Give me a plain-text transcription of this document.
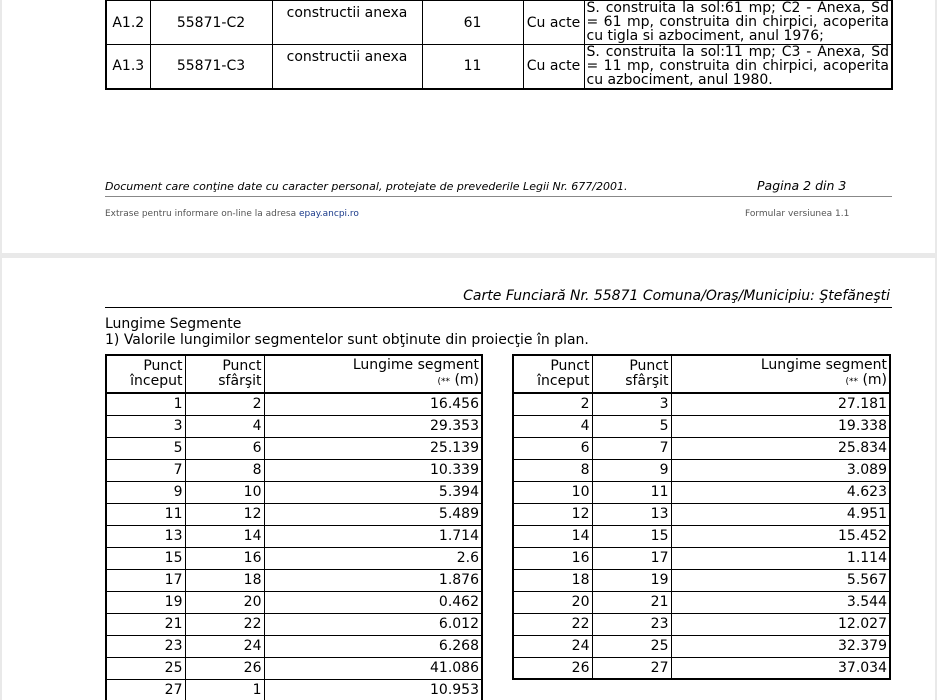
A1.2	55871-C2	constructii anexa	61	Cu acte	S. construita la sol:61 mp; C2 - Anexa, Sd = 61 mp, construita din chirpici, acoperita cu tigla si azbociment, anul 1976;
A1.3	55871-C3	constructii anexa	11	Cu acte	S. construita la sol:11 mp; C3 - Anexa, Sd = 11 mp, construita din chirpici, acoperita cu azbociment, anul 1980.
Document care conţine date cu caracter personal, protejate de prevederile Legii Nr. 677/2001.	Pagina 2 din 3
Extrase pentru informare on-line la adresa epay.ancpi.ro	Formular versiunea 1.1
Carte Funciară Nr. 55871 Comuna/Oraş/Municipiu: Ştefăneşti
Lungime Segmente
1) Valorile lungimilor segmentelor sunt obţinute din proiecţie în plan.
Punct început	Punct sfârşit	Lungime segment
(** (m)
1	2	16.456
3	4	29.353
5	6	25.139
7	8	10.339
9	10	5.394
11	12	5.489
13	14	1.714
15	16	2.6
17	18	1.876
19	20	0.462
21	22	6.012
23	24	6.268
25	26	41.086
27	1	10.953
Punct început	Punct sfârşit	Lungime segment
(** (m)
2	3	27.181
4	5	19.338
6	7	25.834
8	9	3.089
10	11	4.623
12	13	4.951
14	15	15.452
16	17	1.114
18	19	5.567
20	21	3.544
22	23	12.027
24	25	32.379
26	27	37.034
